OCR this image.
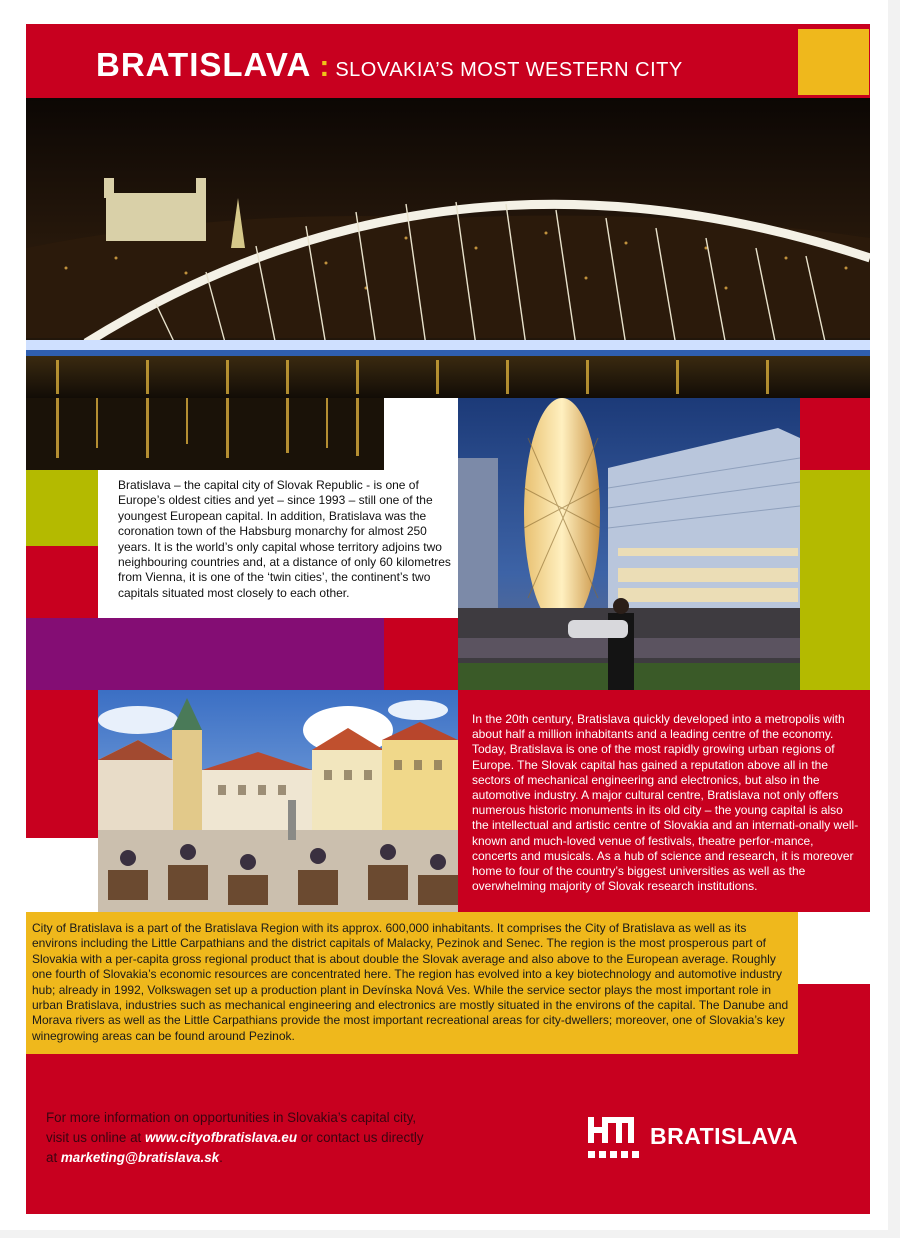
BRATISLAVA : SLOVAKIA’S MOST WESTERN CITY
Bratislava – the capital city of Slovak Republic - is one of Europe’s oldest cities and yet – since 1993 – still one of the youngest European capital. In addition, Bratislava was the coronation town of the Habsburg monarchy for almost 250 years. It is the world’s only capital whose territory adjoins two neighbouring countries and, at a distance of only 60 kilometres from Vienna, it is one of the ‘twin cities’, the continent’s two capitals situated most closely to each other.
In the 20th century, Bratislava quickly developed into a metropolis with about half a million inhabitants and a leading centre of the economy. Today, Bratislava is one of the most rapidly growing urban regions of Europe. The Slovak capital has gained a reputation above all in the sectors of mechanical engineering and electronics, but also in the automotive industry. A major cultural centre, Bratislava not only offers numerous historic monuments in its old city – the young capital is also the intellectual and artistic centre of Slovakia and an internati-onally well-known and much-loved venue of festivals, theatre perfor-mance, concerts and musicals. As a hub of science and research, it is moreover home to four of the country’s biggest universities as well as the overwhelming majority of Slovak research institutions.
City of Bratislava is a part of the Bratislava Region with its approx. 600,000 inhabitants. It comprises the City of Bratislava as well as its environs including the Little Carpathians and the district capitals of Malacky, Pezinok and Senec. The region is the most prosperous part of Slovakia with a per-capita gross regional product that is about double the Slovak average and also above to the European average. Roughly one fourth of Slovakia’s economic resources are concentrated here. The region has evolved into a key biotechnology and automotive industry hub; already in 1992, Volkswagen set up a production plant in Devínska Nová Ves. While the service sector plays the most important role in urban Bratislava, industries such as mechanical engineering and electronics are mostly situated in the environs of the capital. The Danube and Morava rivers as well as the Little Carpathians provide the most important recreational areas for city-dwellers; moreover, one of Slovakia’s key winegrowing areas can be found around Pezinok.
For more information on opportunities in Slovakia’s capital city,
visit us online at www.cityofbratislava.eu or contact us directly
at marketing@bratislava.sk.
BRATISLAVA
